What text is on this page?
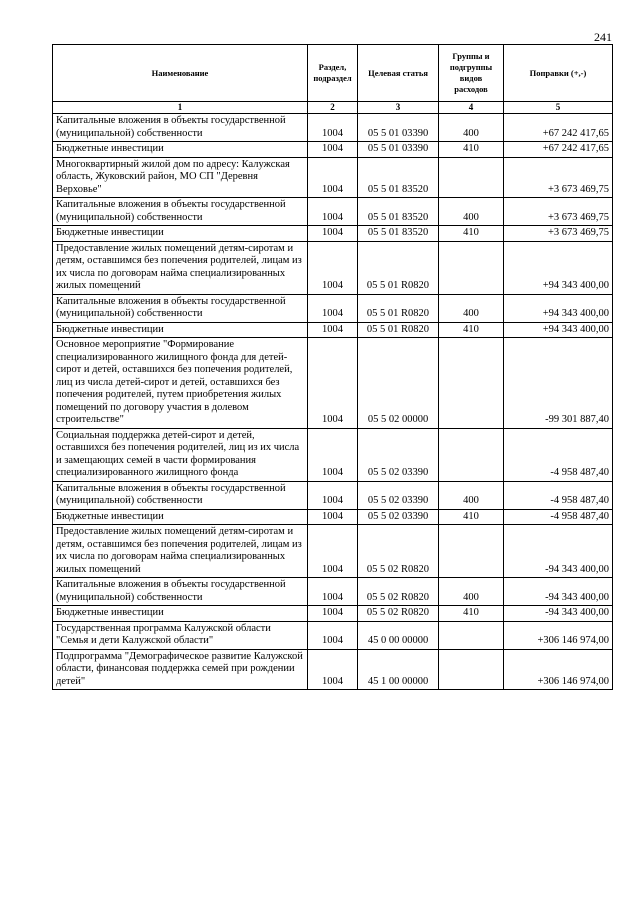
241
Наименование	Раздел, подраздел	Целевая статья	Группы и подгруппы видов расходов	Поправки (+,-)
1	2	3	4	5
Капитальные вложения в объекты государственной (муниципальной) собственности	1004	05 5 01 03390	400	+67 242 417,65
Бюджетные инвестиции	1004	05 5 01 03390	410	+67 242 417,65
Многоквартирный жилой дом по адресу: Калужская область, Жуковский район, МО СП "Деревня Верховье"	1004	05 5 01 83520		+3 673 469,75
Капитальные вложения в объекты государственной (муниципальной) собственности	1004	05 5 01 83520	400	+3 673 469,75
Бюджетные инвестиции	1004	05 5 01 83520	410	+3 673 469,75
Предоставление жилых помещений детям-сиротам и детям, оставшимся без попечения родителей, лицам из их числа по договорам найма специализированных жилых помещений	1004	05 5 01 R0820		+94 343 400,00
Капитальные вложения в объекты государственной (муниципальной) собственности	1004	05 5 01 R0820	400	+94 343 400,00
Бюджетные инвестиции	1004	05 5 01 R0820	410	+94 343 400,00
Основное мероприятие "Формирование специализированного жилищного фонда для детей-сирот и детей, оставшихся без попечения родителей, лиц из числа детей-сирот и детей, оставшихся без попечения родителей, путем приобретения жилых помещений по договору участия в долевом строительстве"	1004	05 5 02 00000		-99 301 887,40
Социальная поддержка детей-сирот и детей, оставшихся без попечения родителей, лиц из их числа и замещающих семей в части формирования специализированного жилищного фонда	1004	05 5 02 03390		-4 958 487,40
Капитальные вложения в объекты государственной (муниципальной) собственности	1004	05 5 02 03390	400	-4 958 487,40
Бюджетные инвестиции	1004	05 5 02 03390	410	-4 958 487,40
Предоставление жилых помещений детям-сиротам и детям, оставшимся без попечения родителей, лицам из их числа по договорам найма специализированных жилых помещений	1004	05 5 02 R0820		-94 343 400,00
Капитальные вложения в объекты государственной (муниципальной) собственности	1004	05 5 02 R0820	400	-94 343 400,00
Бюджетные инвестиции	1004	05 5 02 R0820	410	-94 343 400,00
Государственная программа Калужской области "Семья и дети Калужской области"	1004	45 0 00 00000		+306 146 974,00
Подпрограмма "Демографическое развитие Калужской области, финансовая поддержка семей при рождении детей"	1004	45 1 00 00000		+306 146 974,00
